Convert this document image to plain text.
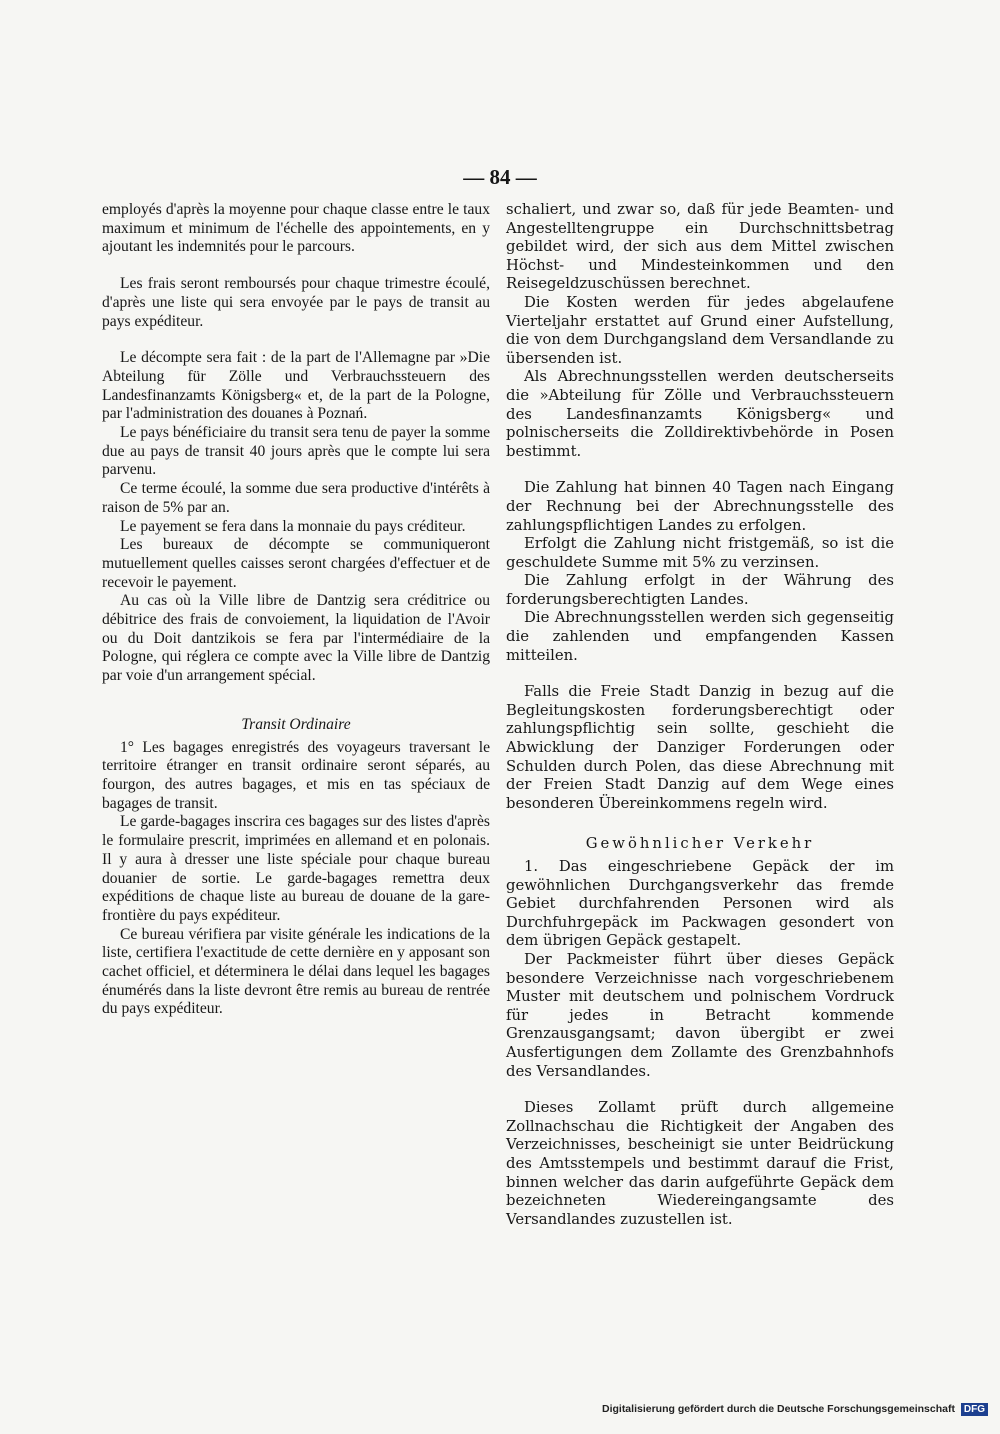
— 84 —

employés d'après la moyenne pour chaque classe entre le taux maximum et minimum de l'échelle des appointements, en y ajoutant les indemnités pour le parcours.

Les frais seront remboursés pour chaque trimestre écoulé, d'après une liste qui sera envoyée par le pays de transit au pays expéditeur.

Le décompte sera fait : de la part de l'Allemagne par »Die Abteilung für Zölle und Verbrauchssteuern des Landesfinanzamts Königsberg« et, de la part de la Pologne, par l'administration des douanes à Poznań.

Le pays bénéficiaire du transit sera tenu de payer la somme due au pays de transit 40 jours après que le compte lui sera parvenu.

Ce terme écoulé, la somme due sera productive d'intérêts à raison de 5% par an.

Le payement se fera dans la monnaie du pays créditeur.

Les bureaux de décompte se communiqueront mutuellement quelles caisses seront chargées d'effectuer et de recevoir le payement.

Au cas où la Ville libre de Dantzig sera créditrice ou débitrice des frais de convoiement, la liquidation de l'Avoir ou du Doit dantzikois se fera par l'intermédiaire de la Pologne, qui réglera ce compte avec la Ville libre de Dantzig par voie d'un arrangement spécial.

Transit Ordinaire

1° Les bagages enregistrés des voyageurs traversant le territoire étranger en transit ordinaire seront séparés, au fourgon, des autres bagages, et mis en tas spéciaux de bagages de transit.

Le garde-bagages inscrira ces bagages sur des listes d'après le formulaire prescrit, imprimées en allemand et en polonais. Il y aura à dresser une liste spéciale pour chaque bureau douanier de sortie. Le garde-bagages remettra deux expéditions de chaque liste au bureau de douane de la gare-frontière du pays expéditeur.

Ce bureau vérifiera par visite générale les indications de la liste, certifiera l'exactitude de cette dernière en y apposant son cachet officiel, et déterminera le délai dans lequel les bagages énumérés dans la liste devront être remis au bureau de rentrée du pays expéditeur.

schaliert, und zwar so, daß für jede Beamten- und Angestelltengruppe ein Durchschnittsbetrag gebildet wird, der sich aus dem Mittel zwischen Höchst- und Mindesteinkommen und den Reisegeldzuschüssen berechnet.

Die Kosten werden für jedes abgelaufene Vierteljahr erstattet auf Grund einer Aufstellung, die von dem Durchgangsland dem Versandlande zu übersenden ist.

Als Abrechnungsstellen werden deutscherseits die »Abteilung für Zölle und Verbrauchssteuern des Landesfinanzamts Königsberg« und polnischerseits die Zolldirektivbehörde in Posen bestimmt.

Die Zahlung hat binnen 40 Tagen nach Eingang der Rechnung bei der Abrechnungsstelle des zahlungspflichtigen Landes zu erfolgen.

Erfolgt die Zahlung nicht fristgemäß, so ist die geschuldete Summe mit 5% zu verzinsen.

Die Zahlung erfolgt in der Währung des forderungsberechtigten Landes.

Die Abrechnungsstellen werden sich gegenseitig die zahlenden und empfangenden Kassen mitteilen.

Falls die Freie Stadt Danzig in bezug auf die Begleitungskosten forderungsberechtigt oder zahlungspflichtig sein sollte, geschieht die Abwicklung der Danziger Forderungen oder Schulden durch Polen, das diese Abrechnung mit der Freien Stadt Danzig auf dem Wege eines besonderen Übereinkommens regeln wird.

Gewöhnlicher Verkehr

1. Das eingeschriebene Gepäck der im gewöhnlichen Durchgangsverkehr das fremde Gebiet durchfahrenden Personen wird als Durchfuhrgepäck im Packwagen gesondert von dem übrigen Gepäck gestapelt.

Der Packmeister führt über dieses Gepäck besondere Verzeichnisse nach vorgeschriebenem Muster mit deutschem und polnischem Vordruck für jedes in Betracht kommende Grenzausgangsamt; davon übergibt er zwei Ausfertigungen dem Zollamte des Grenzbahnhofs des Versandlandes.

Dieses Zollamt prüft durch allgemeine Zollnachschau die Richtigkeit der Angaben des Verzeichnisses, bescheinigt sie unter Beidrückung des Amtsstempels und bestimmt darauf die Frist, binnen welcher das darin aufgeführte Gepäck dem bezeichneten Wiedereingangsamte des Versandlandes zuzustellen ist.

Digitalisierung gefördert durch die Deutsche Forschungsgemeinschaft DFG
